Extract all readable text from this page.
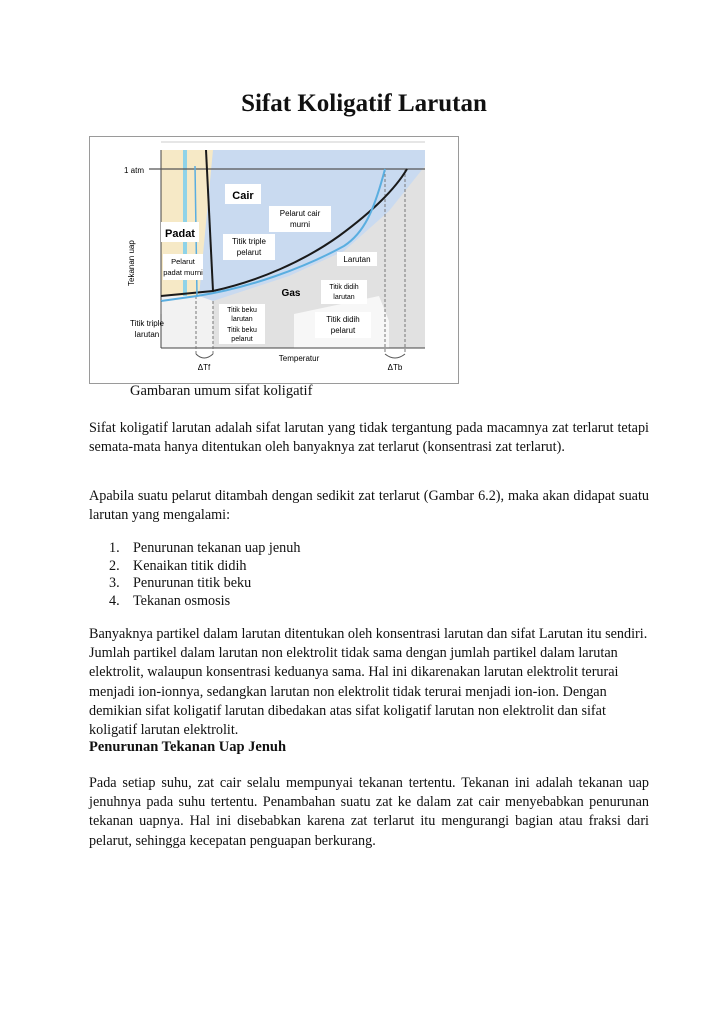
Sifat Koligatif Larutan
Cair
Padat
Pelarut cair
murni
Pelarut
padat murni
Titik triple
pelarut
Larutan
Gas
Titik didih
larutan
Titik beku
larutan
Titik beku
pelarut
Titik didih
pelarut
1 atm
Tekanan uap
Titik triple
larutan
Temperatur
ΔTf	ΔTb

Gambaran umum sifat koligatif

Sifat koligatif larutan adalah sifat larutan yang tidak tergantung pada macamnya zat terlarut tetapi semata-mata hanya ditentukan oleh banyaknya zat terlarut (konsentrasi zat terlarut).

Apabila suatu pelarut ditambah dengan sedikit zat terlarut (Gambar 6.2), maka akan didapat suatu larutan yang mengalami:

1. Penurunan tekanan uap jenuh
2. Kenaikan titik didih
3. Penurunan titik beku
4. Tekanan osmosis

Banyaknya partikel dalam larutan ditentukan oleh konsentrasi larutan dan sifat Larutan itu sendiri. Jumlah partikel dalam larutan non elektrolit tidak sama dengan jumlah partikel dalam larutan elektrolit, walaupun konsentrasi keduanya sama. Hal ini dikarenakan larutan elektrolit terurai menjadi ion-ionnya, sedangkan larutan non elektrolit tidak terurai menjadi ion-ion. Dengan demikian sifat koligatif larutan dibedakan atas sifat koligatif larutan non elektrolit dan sifat koligatif larutan elektrolit.

Penurunan Tekanan Uap Jenuh

Pada setiap suhu, zat cair selalu mempunyai tekanan tertentu. Tekanan ini adalah tekanan uap jenuhnya pada suhu tertentu. Penambahan suatu zat ke dalam zat cair menyebabkan penurunan tekanan uapnya. Hal ini disebabkan karena zat terlarut itu mengurangi bagian atau fraksi dari pelarut, sehingga kecepatan penguapan berkurang.
